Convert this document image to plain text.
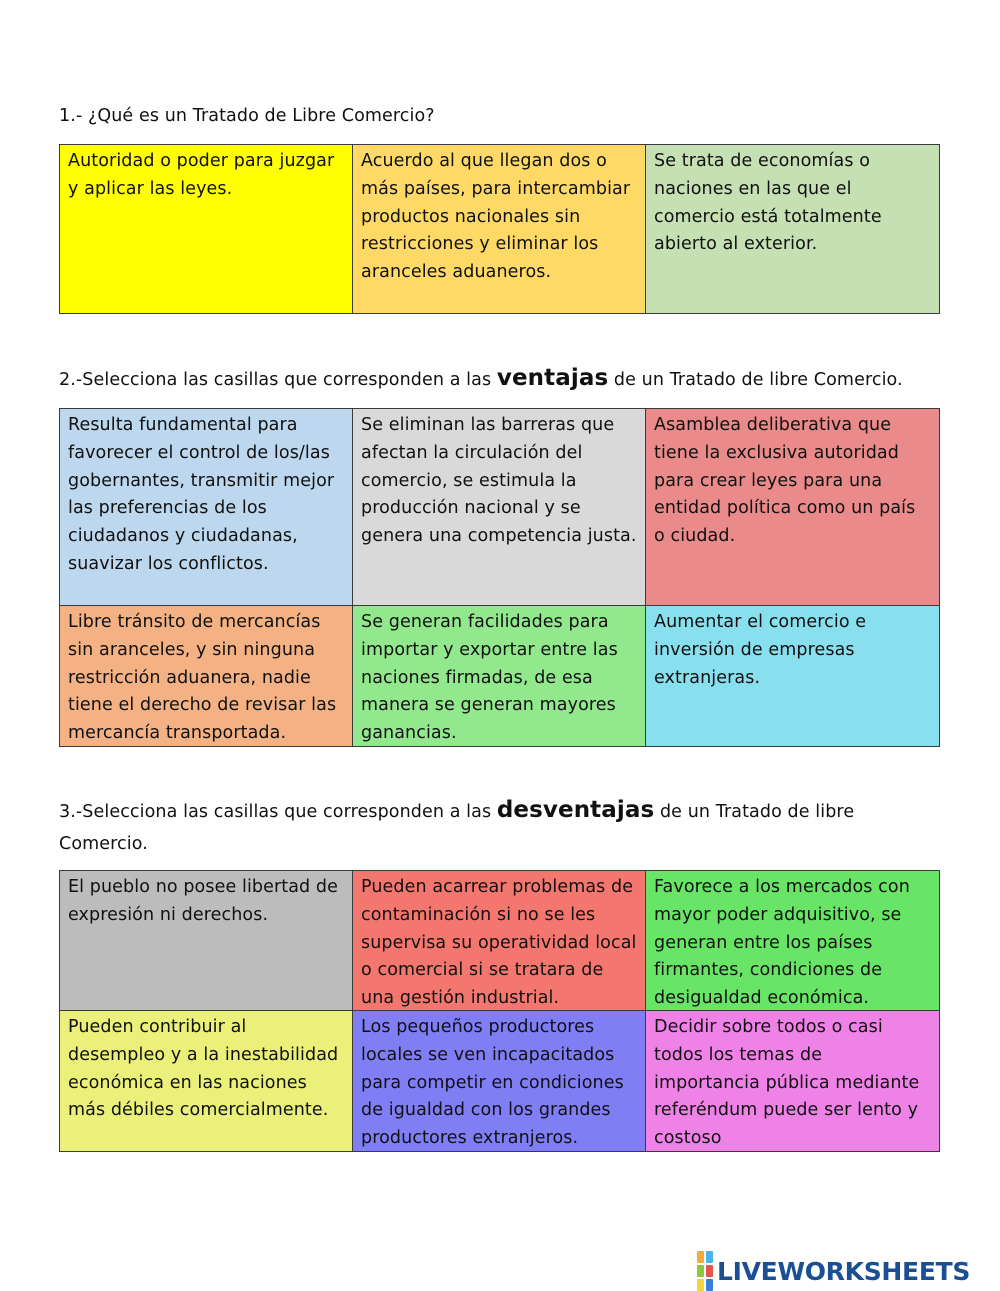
1.- ¿Qué es un Tratado de Libre Comercio?
Autoridad o poder para juzgar y aplicar las leyes.
Acuerdo al que llegan dos o más países, para intercambiar productos nacionales sin restricciones y eliminar los aranceles aduaneros.
Se trata de economías o naciones en las que el comercio está totalmente abierto al exterior.
2.-Selecciona las casillas que corresponden a las ventajas de un Tratado de libre Comercio.
Resulta fundamental para favorecer el control de los/las gobernantes, transmitir mejor las preferencias de los ciudadanos y ciudadanas, suavizar los conflictos.
Se eliminan las barreras que afectan la circulación del comercio, se estimula la producción nacional y se genera una competencia justa.
Asamblea deliberativa que tiene la exclusiva autoridad para crear leyes para una entidad política como un país o ciudad.
Libre tránsito de mercancías sin aranceles, y sin ninguna restricción aduanera, nadie tiene el derecho de revisar las mercancía transportada.
Se generan facilidades para importar y exportar entre las naciones firmadas, de esa manera se generan mayores ganancias.
Aumentar el comercio e inversión de empresas extranjeras.
3.-Selecciona las casillas que corresponden a las desventajas de un Tratado de libre Comercio.
El pueblo no posee libertad de expresión ni derechos.
Pueden acarrear problemas de contaminación si no se les supervisa su operatividad local o comercial si se tratara de una gestión industrial.
Favorece a los mercados con mayor poder adquisitivo, se generan entre los países firmantes, condiciones de desigualdad económica.
Pueden contribuir al desempleo y a la inestabilidad económica en las naciones más débiles comercialmente.
Los pequeños productores locales se ven incapacitados para competir en condiciones de igualdad con los grandes productores extranjeros.
Decidir sobre todos o casi todos los temas de importancia pública mediante referéndum puede ser lento y costoso
LIVEWORKSHEETS
